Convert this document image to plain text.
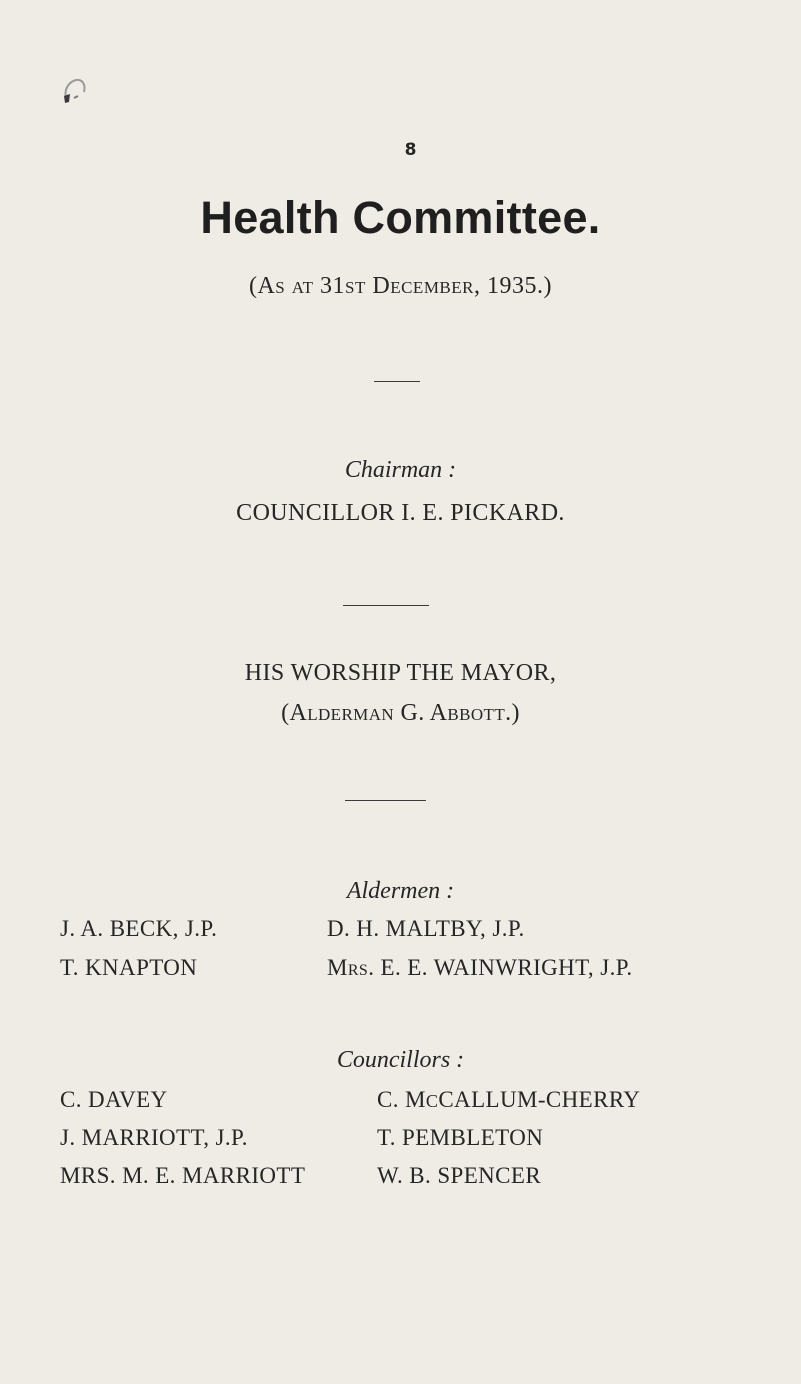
8
Health Committee.
(As at 31st December, 1935.)
Chairman :
COUNCILLOR I. E. PICKARD.
HIS WORSHIP THE MAYOR,
(Alderman G. Abbott.)
Aldermen :
J. A. BECK, J.P.
T. KNAPTON
D. H. MALTBY, J.P.
Mrs. E. E. WAINWRIGHT, J.P.
Councillors :
C. DAVEY
J. MARRIOTT, J.P.
MRS. M. E. MARRIOTT
C. MCCALLUM-CHERRY
T. PEMBLETON
W. B. SPENCER
